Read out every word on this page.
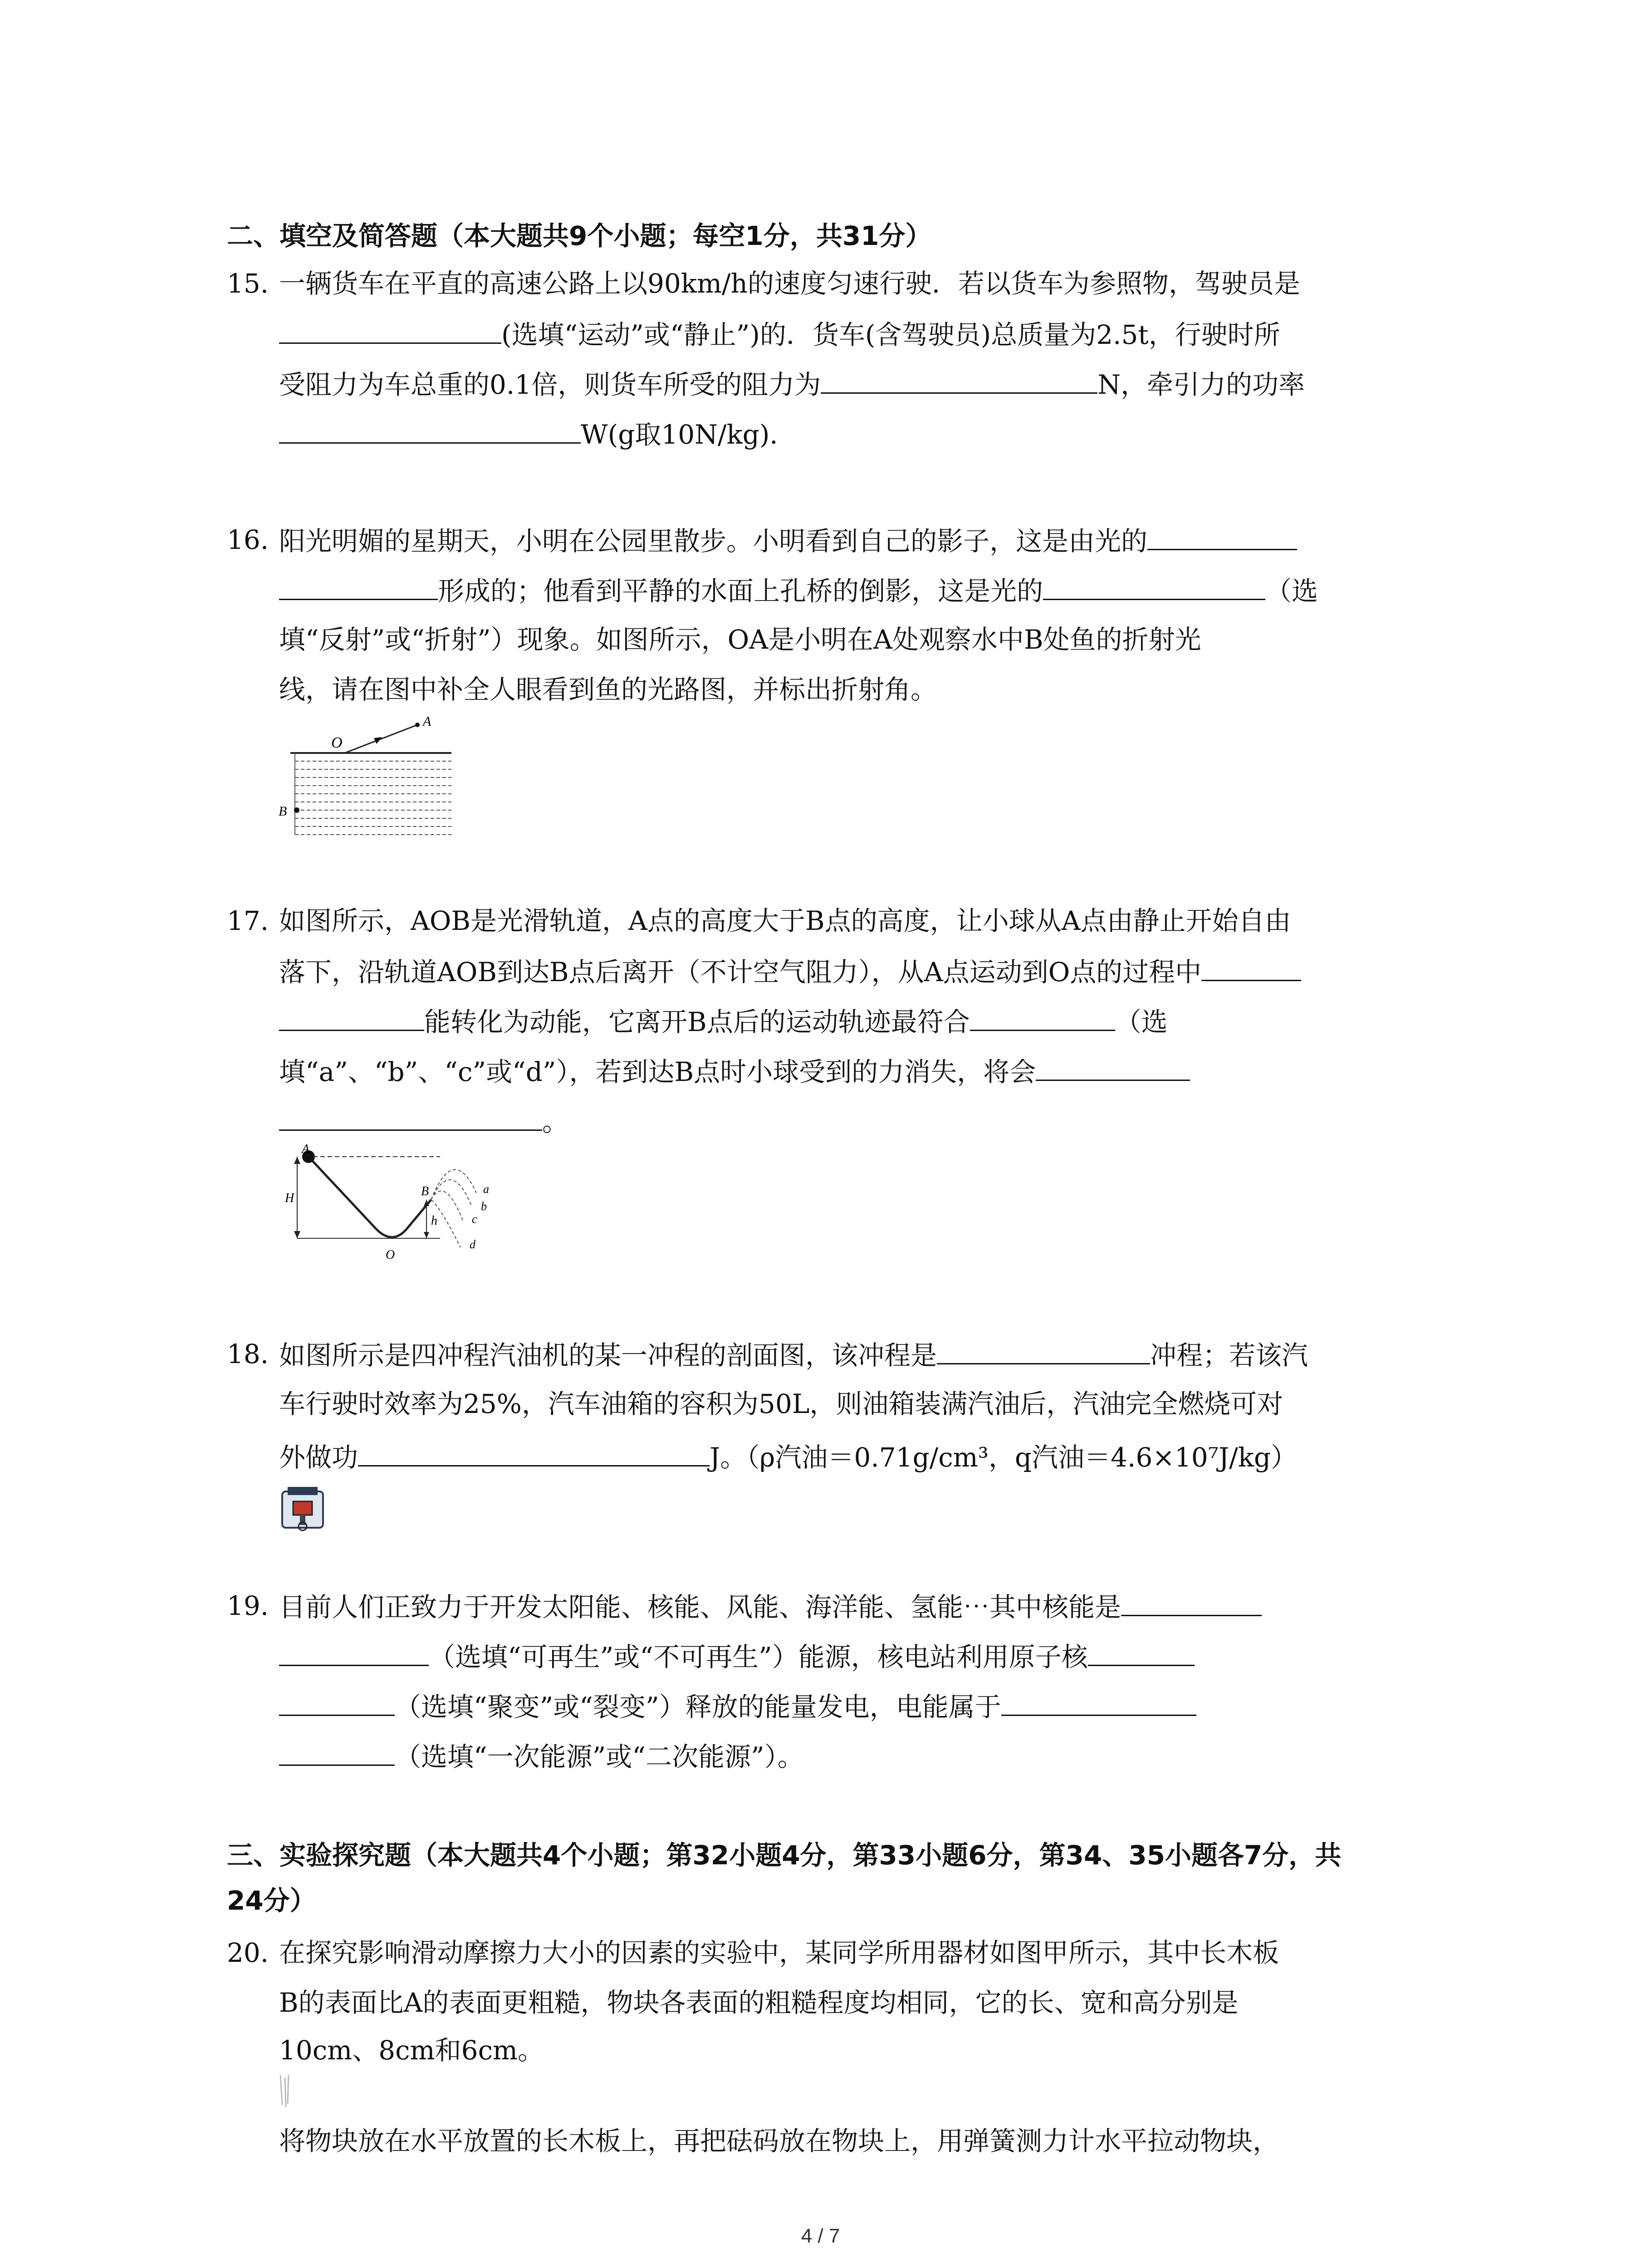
二、填空及简答题（本大题共9个小题；每空1分，共31分）
15. 一辆货车在平直的高速公路上以90km/h的速度匀速行驶．若以货车为参照物，驾驶员是
(选填“运动”或“静止”)的．货车(含驾驶员)总质量为2.5t，行驶时所
受阻力为车总重的0.1倍，则货车所受的阻力为	N，牵引力的功率
W(g取10N/kg)．
16. 阳光明媚的星期天，小明在公园里散步。小明看到自己的影子，这是由光的
形成的；他看到平静的水面上孔桥的倒影，这是光的	（选
填“反射”或“折射”）现象。如图所示，OA是小明在A处观察水中B处鱼的折射光
线，请在图中补全人眼看到鱼的光路图，并标出折射角。
O
A
B
17. 如图所示，AOB是光滑轨道，A点的高度大于B点的高度，让小球从A点由静止开始自由
落下，沿轨道AOB到达B点后离开（不计空气阻力），从A点运动到O点的过程中
能转化为动能，它离开B点后的运动轨迹最符合	（选
填“a”、“b”、“c”或“d”），若到达B点时小球受到的力消失，将会
。
A
H	B
h
O
a
b
c
d
18. 如图所示是四冲程汽油机的某一冲程的剖面图，该冲程是	冲程；若该汽
车行驶时效率为25%，汽车油箱的容积为50L，则油箱装满汽油后，汽油完全燃烧可对
外做功	J。（ρ汽油＝0.71g/cm³，q汽油＝4.6×10⁷J/kg）
19. 目前人们正致力于开发太阳能、核能、风能、海洋能、氢能⋯其中核能是
（选填“可再生”或“不可再生”）能源，核电站利用原子核
（选填“聚变”或“裂变”）释放的能量发电，电能属于
（选填“一次能源”或“二次能源”）。
三、实验探究题（本大题共4个小题；第32小题4分，第33小题6分，第34、35小题各7分，共
24分）
20. 在探究影响滑动摩擦力大小的因素的实验中，某同学所用器材如图甲所示，其中长木板
B的表面比A的表面更粗糙，物块各表面的粗糙程度均相同，它的长、宽和高分别是
10cm、8cm和6cm。
将物块放在水平放置的长木板上，再把砝码放在物块上，用弹簧测力计水平拉动物块，
4 / 7
